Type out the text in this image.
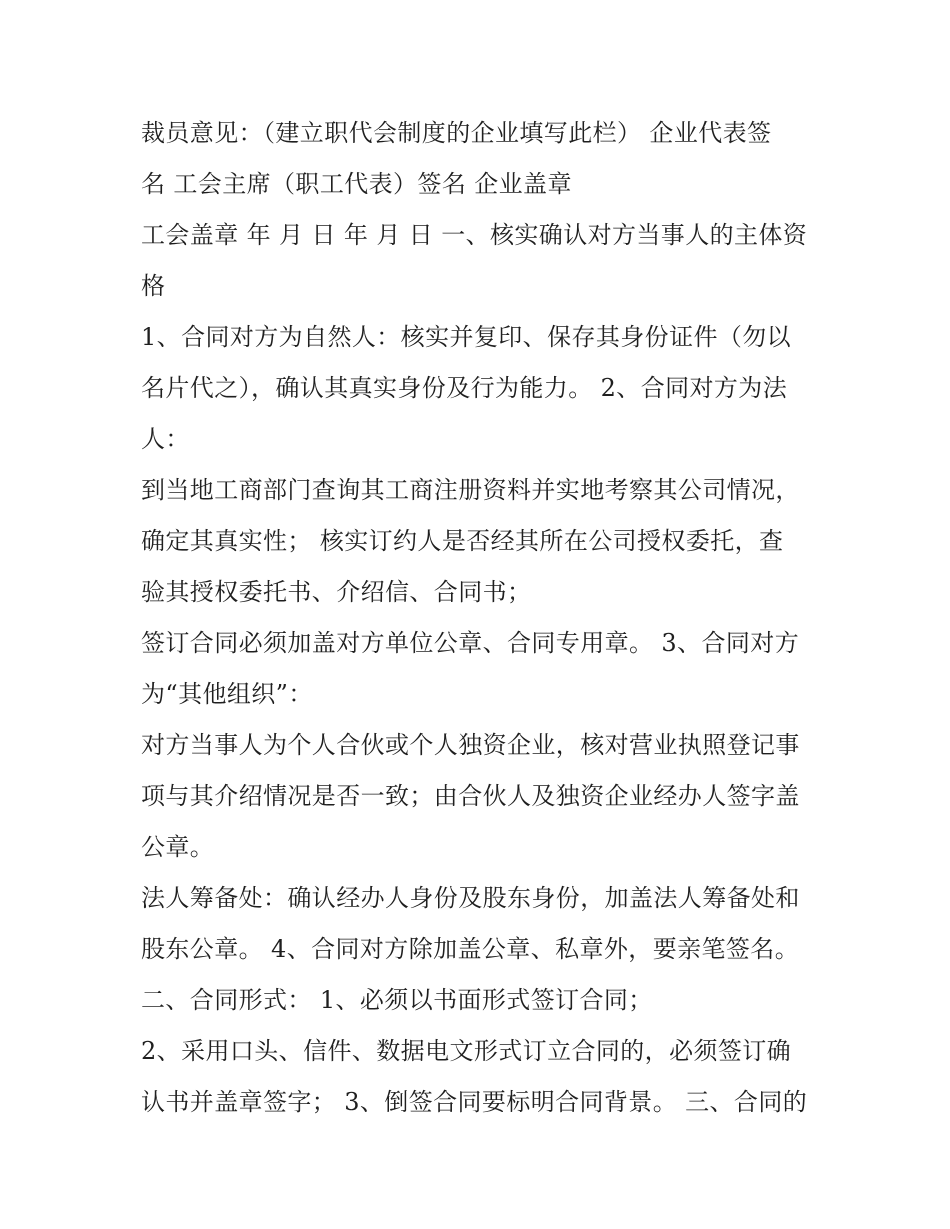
裁员意见：（建立职代会制度的企业填写此栏） 企业代表签

名 工会主席（职工代表）签名 企业盖章

工会盖章 年 月 日 年 月 日 一、核实确认对方当事人的主体资

格

1、合同对方为自然人：核实并复印、保存其身份证件（勿以

名片代之），确认其真实身份及行为能力。 2、合同对方为法

人：

到当地工商部门查询其工商注册资料并实地考察其公司情况，

确定其真实性； 核实订约人是否经其所在公司授权委托，查

验其授权委托书、介绍信、合同书；

签订合同必须加盖对方单位公章、合同专用章。 3、合同对方

为“其他组织”：

对方当事人为个人合伙或个人独资企业，核对营业执照登记事

项与其介绍情况是否一致；由合伙人及独资企业经办人签字盖

公章。

法人筹备处：确认经办人身份及股东身份，加盖法人筹备处和

股东公章。 4、合同对方除加盖公章、私章外，要亲笔签名。

二、合同形式： 1、必须以书面形式签订合同；

2、采用口头、信件、数据电文形式订立合同的，必须签订确

认书并盖章签字； 3、倒签合同要标明合同背景。 三、合同的
